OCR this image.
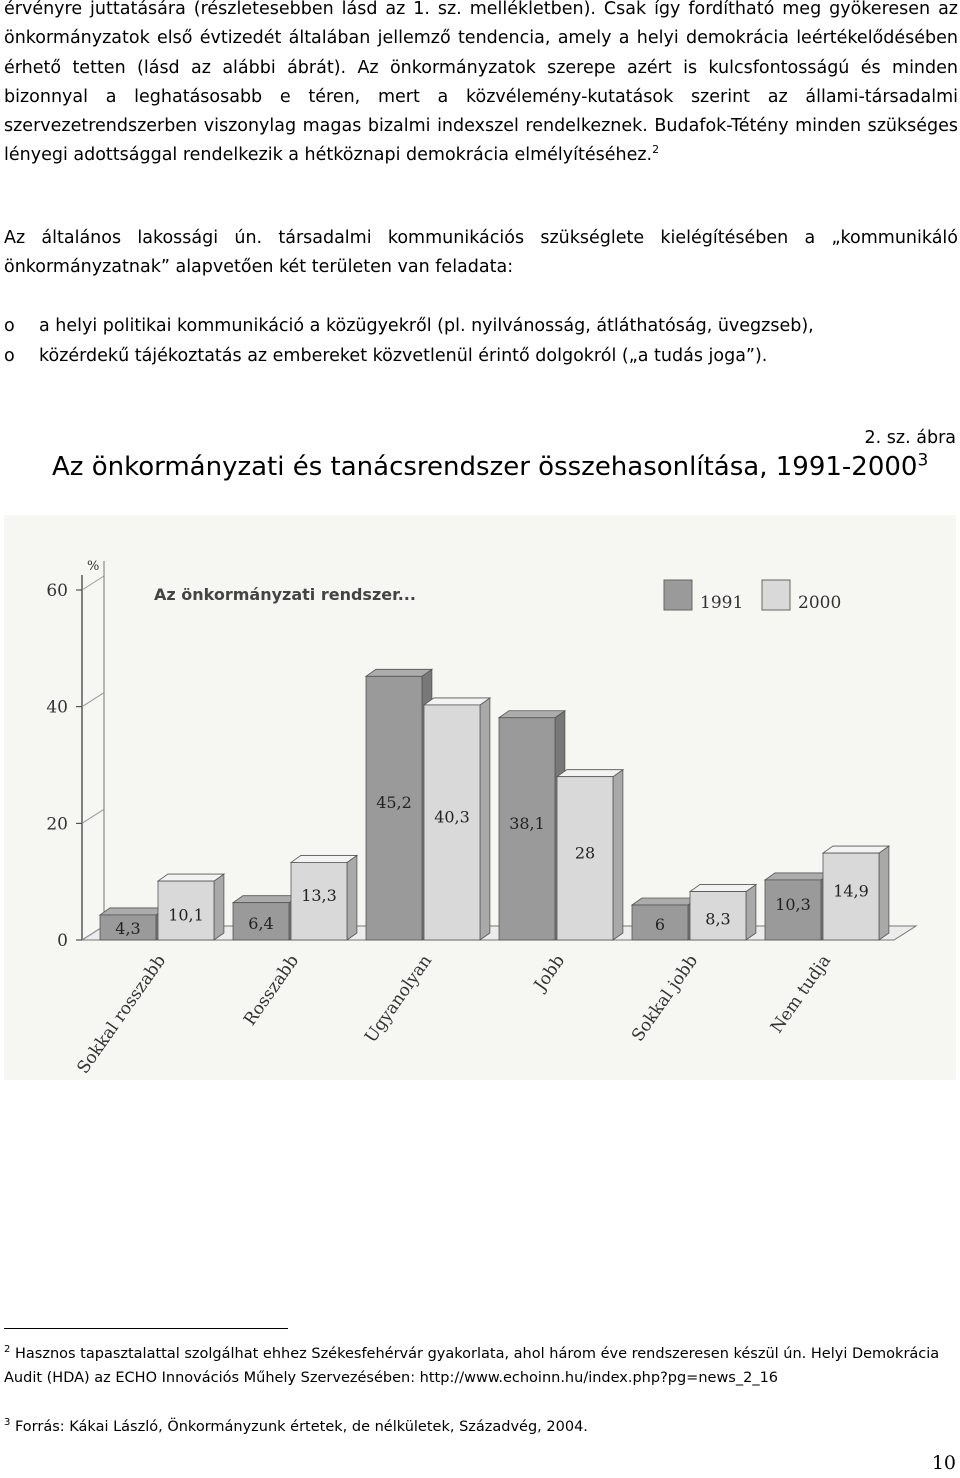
érvényre juttatására (részletesebben lásd az 1. sz. mellékletben). Csak így fordítható meg gyökeresen az önkormányzatok első évtizedét általában jellemző tendencia, amely a helyi demokrácia leértékelődésében érhető tetten (lásd az alábbi ábrát). Az önkormányzatok szerepe azért is kulcsfontosságú és minden bizonnyal a leghatásosabb e téren, mert a közvélemény-kutatások szerint az állami-társadalmi szervezetrendszerben viszonylag magas bizalmi indexszel rendelkeznek. Budafok-Tétény minden szükséges lényegi adottsággal rendelkezik a hétköznapi demokrácia elmélyítéséhez.$^2$

Az általános lakossági ún. társadalmi kommunikációs szükséglete kielégítésében a „kommunikáló önkormányzatnak” alapvetően két területen van feladata:

o a helyi politikai kommunikáció a közügyekről (pl. nyilvánosság, átláthatóság, üvegzseb),
o közérdekű tájékoztatás az embereket közvetlenül érintő dolgokról („a tudás joga”).
2. sz. ábra
Az önkormányzati és tanácsrendszer összehasonlítása, 1991-2000$^3$
0
20
40
60
%
Az önkormányzati rendszer...	1991	2000
4,3
10,1
Sokkal rosszabb
6,4
13,3
Rosszabb
45,2
40,3
Ugyanolyan
38,1
28
Jobb
6	8,3
Sokkal jobb
10,3
14,9
Nem tudja

$^2$ Hasznos tapasztalattal szolgálhat ehhez Székesfehérvár gyakorlata, ahol három éve rendszeresen készül ún. Helyi Demokrácia Audit (HDA) az ECHO Innovációs Műhely Szervezésében: http://www.echoinn.hu/index.php?pg=news_2_16

$^3$ Forrás: Kákai László, Önkormányzunk értetek, de nélkületek, Századvég, 2004.

10
